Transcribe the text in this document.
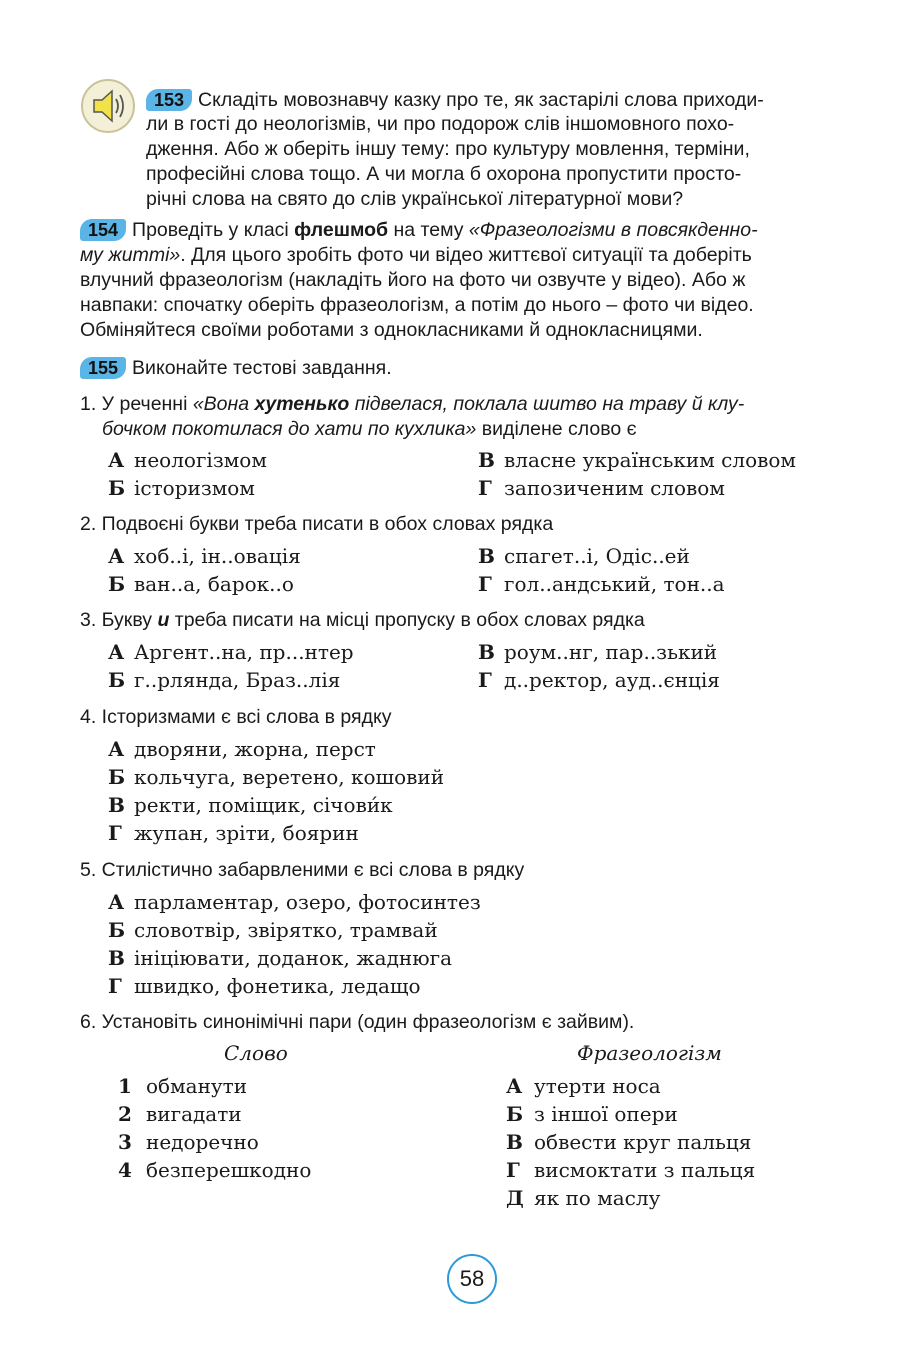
153 Складіть мовознавчу казку про те, як застарілі слова приходи-
ли в гості до неологізмів, чи про подорож слів іншомовного похо-
дження. Або ж оберіть іншу тему: про культуру мовлення, терміни,
професійні слова тощо. А чи могла б охорона пропустити просто-
річні слова на свято до слів української літературної мови?
154 Проведіть у класі флешмоб на тему «Фразеологізми в повсякденно-
му житті». Для цього зробіть фото чи відео життєвої ситуації та доберіть
влучний фразеологізм (накладіть його на фото чи озвучте у відео). Або ж
навпаки: спочатку оберіть фразеологізм, а потім до нього – фото чи відео.
Обміняйтеся своїми роботами з однокласниками й однокласницями.
155 Виконайте тестові завдання.
1. У реченні «Вона хутенько підвелася, поклала шитво на траву й клу-
бочком покотилася до хати по кухлика» виділене слово є
А неологізмом
Б історизмом
В власне українським словом
Г запозиченим словом
2. Подвоєні букви треба писати в обох словах рядка
А хоб..і, ін..овація
Б ван..а, барок..о
В спагет..і, Одіс..ей
Г гол..андський, тон..а
3. Букву и треба писати на місці пропуску в обох словах рядка
А Аргент..на, пр...нтер
Б г..рлянда, Браз..лія
В роум..нг, пар..зький
Г д..ректор, ауд..єнція
4. Історизмами є всі слова в рядку
А дворяни, жорна, перст
Б кольчуга, веретено, кошовий
В ректи, поміщик, січови́к
Г жупан, зріти, боярин
5. Стилістично забарвленими є всі слова в рядку
А парламентар, озеро, фотосинтез
Б словотвір, звірятко, трамвай
В ініціювати, доданок, жаднюга
Г швидко, фонетика, ледащо
6. Установіть синонімічні пари (один фразеологізм є зайвим).
Слово	Фразеологізм
1 обманути
2 вигадати
3 недоречно
4 безперешкодно
А утерти носа
Б з іншої опери
В обвести круг пальця
Г висмоктати з пальця
Д як по маслу
58
